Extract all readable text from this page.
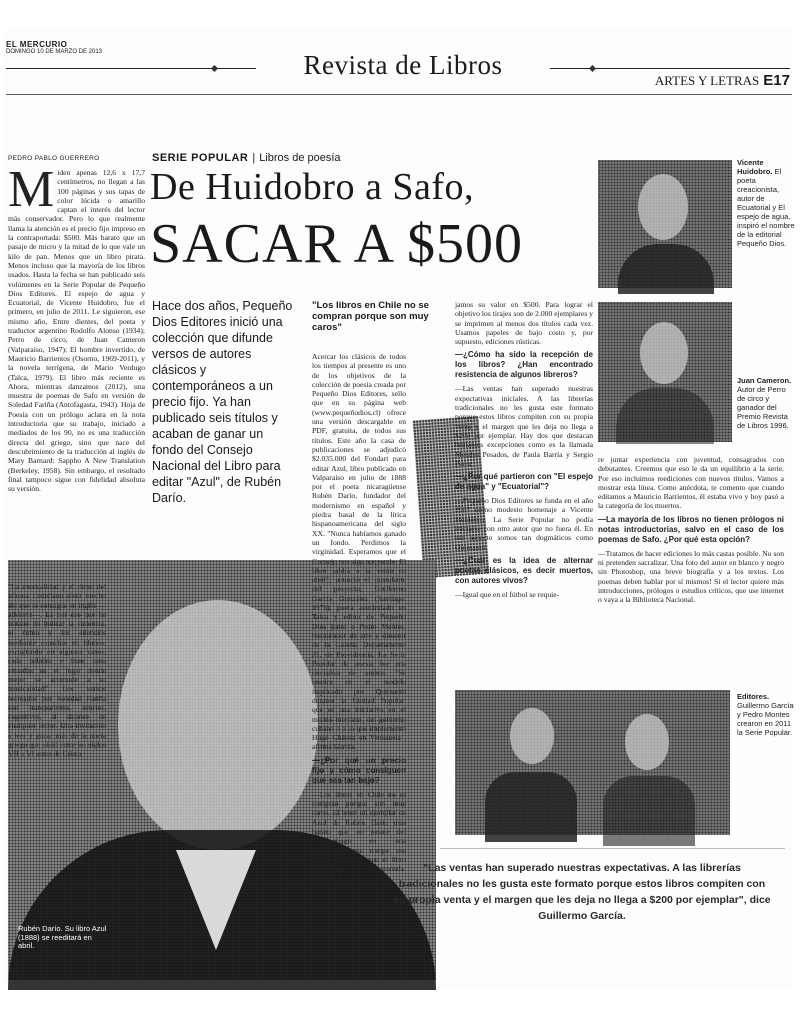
EL MERCURIO
DOMINGO 10 DE MARZO DE 2013	Revista de Libros
ARTES Y LETRAS E17
PEDRO PABLO GUERRERO	SERIE POPULAR | Libros de poesía
De Huidobro a Safo,
SACAR A $500
Hace dos años, Pequeño Dios Editores inició una colección que difunde versos de autores clásicos y contemporáneos a un precio fijo. Ya han publicado seis títulos y acaban de ganar un fondo del Consejo Nacional del Libro para editar "Azul", de Rubén Darío.
Miden apenas 12,6 x 17,7 centímetros, no llegan a las 100 páginas y sus tapas de color lúcida o amarillo captan el interés del lector más conservador. Pero lo que realmente llama la atención es el precio fijo impreso en la contraportada: $500. Más barato que un pasaje de micro y la mitad de lo que vale un kilo de pan. Menos que un libro pirata. Menos incluso que la mayoría de los libros usados. Hasta la fecha se han publicado seis volúmenes en la Serie Popular de Pequeño Dios Editores. El espejo de agua y Ecuatorial, de Vicente Huidobro, fue el primero, en julio de 2011. Le siguieron, ese mismo año, Entre dientes, del poeta y traductor argentino Rodolfo Alonso (1934); Perro de circo, de Juan Cameron (Valparaíso, 1947); El hombre invertido, de Mauricio Barrientos (Osorno, 1969-2011), y la novela terrígena, de Mario Verdugo (Talca, 1979). El libro más reciente es Ahora, mientras danzamos (2012), una muestra de poemas de Safo en versión de Soledad Fariña (Antofagasta, 1943). Hoja de Poesía con un prólogo aclara en la nota introductoria que su trabajo, iniciado a mediados de los 90, no es una traducción directa del griego, sino que nace del descubrimiento de la traducción al inglés de Mary Barnard: Sappho A New Translation (Berkeley, 1958). Sin embargo, el resultado final tampoco sigue con fidelidad absoluta su versión.
"La musicalidad y el ritmo del idioma castellano dista mucho del que se consigue en inglés —advierte—. Es por eso que he tratado de indicar la cadencia, el ritmo y los silencios mediante espacios en blanco, escogiendo en algunos casos, cada palabra y frase para situarlas en el lugar donde mejor se acomode a su musicalidad". Los versos recreados por Soledad Fariña son transparentes, sobrios, sugestivos, al alcance de cualquier lector. Una invitación a leer y gozar más de la poeta griega que vivió entre los siglos VII y VI antes de Cristo.
"Los libros en Chile no se compran porque son muy caros"
Acercar los clásicos de todos los tiempos al presente es uno de los objetivos de la colección de poesía creada por Pequeño Dios Editores, sello que en su página web (www.pequeñodios.cl) ofrece una versión descargable en PDF, gratuita, de todos sus títulos. Este año la casa de publicaciones se adjudicó $2.035.000 del Fondart para editar Azul, libro publicado en Valparaíso en julio de 1888 por el poeta nicaragüense Rubén Darío, fundador del modernismo en español y piedra basal de la lírica hispanoamericana del siglo XX. "Nunca habíamos ganado un fondo. Perdimos la virginidad. Esperamos que el Consejo nos siga apoyando. El libro saldrá a la venta en abril", anunció el postulante del proyecto, Guillermo García González (Santiago, 1976), poeta avecindado en Talca y editor de Pequeño Dios junto a Pedro Montes, restaurador de arte y director de la Galería Departamento 21, de Providencia. La Serie Popular de poesía fue una iniciativa de ambos. "Se inspira en el modelo implicado por Quimantú durante la Unidad Popular, que es una iniciativa en el mismo mercado, del gobierno cubano o a lo que implementó Hugo Chávez en Venezuela", afirma García.
—¿Por qué un precio fijo y cómo consiguen que sea tan bajo?
—Los libros en Chile no se compran porque son muy caros. El tener un ejemplar de Azul de Rubén Darío más barato que un pasaje del Transantiago es una revolución que rompe ese ciclo. Buscamos que el libro se compre con una moneda. Por eso fi-
jamos su valor en $500. Para lograr el objetivo los tirajes son de 2.000 ejemplares y se imprimen al menos dos títulos cada vez. Usamos papeles de bajo costo y, por supuesto, ediciones rústicas.
—¿Cómo ha sido la recepción de los libros? ¿Han encontrado resistencia de algunos libreros?
—Las ventas han superado nuestras expectativas iniciales. A las librerías tradicionales no les gusta este formato porque estos libros compiten con su propia venta y el margen que les deja no llega a $200 por ejemplar. Hay dos que destacan brillantes excepciones como es la llamada Metales Pesados, de Paula Barría y Sergio Parra.
—¿Por qué partieron con "El espejo de agua" y "Ecuatorial"?
—Pequeño Dios Editores se funda en el año 2007 como modesto homenaje a Vicente Huidobro. La Serie Popular no podía iniciarse con otro autor que no fuera él. En ese aspecto somos tan dogmáticos como Quimantú.
—¿Cuál es la idea de alternar poetas clásicos, es decir muertos, con autores vivos?
—Igual que en el fútbol se requie-
re juntar experiencia con juventud, consagrados con debutantes. Creemos que eso le da un equilibrio a la serie. Por eso incluimos reediciones con nuevos títulos. Vamos a mostrar esta línea. Como anécdota, te comento que cuando editamos a Mauricio Barrientos, él estaba vivo y hoy pasó a la categoría de los muertos.
—La mayoría de los libros no tienen prólogos ni notas introductorias, salvo en el caso de los poemas de Safo. ¿Por qué esta opción?
—Tratamos de hacer ediciones lo más castas posible. No son ni pretenden sacralizar. Una foto del autor en blanco y negro sin Photoshop, una breve biografía y a los textos. Los poemas deben hablar por sí mismos! Si el lector quiere más introducciones, prólogos o estudios críticos, que use internet o vaya a la Biblioteca Nacional.
Vicente Huidobro. El poeta creacionista, autor de Ecuatorial y El espejo de agua, inspiró el nombre de la editorial Pequeño Dios.
Juan Cameron. Autor de Perro de circo y ganador del Premio Revista de Libros 1996.
Editores. Guillermo García y Pedro Montes crearon en 2011 la Serie Popular.
Rubén Darío. Su libro Azul (1888) se reeditará en abril.
"Las ventas han superado nuestras expectativas. A las librerías tradicionales no les gusta este formato porque estos libros compiten con su propia venta y el margen que les deja no llega a $200 por ejemplar", dice Guillermo García.
